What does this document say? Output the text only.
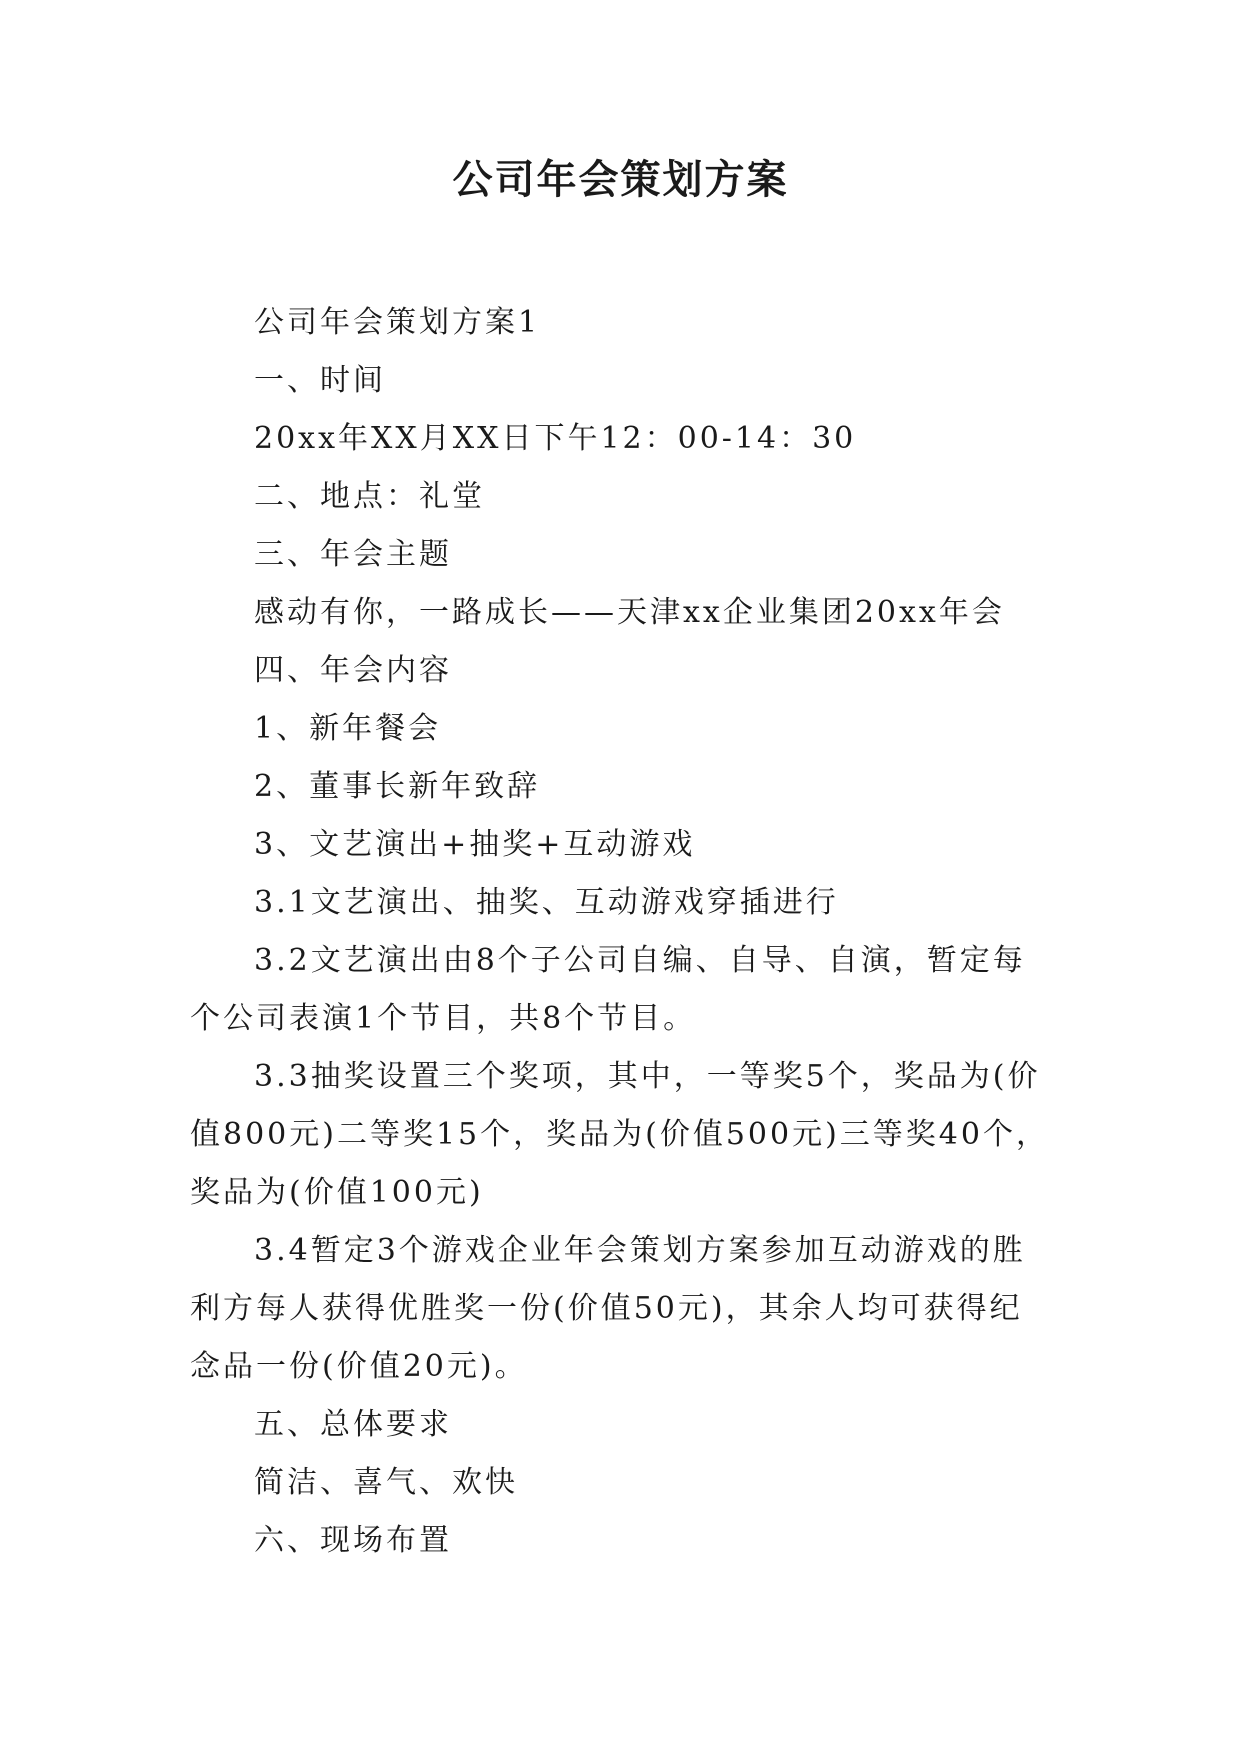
公司年会策划方案

公司年会策划方案1

一、时间

20xx年XX月XX日下午12：00-14：30

二、地点：礼堂

三、年会主题

感动有你，一路成长——天津xx企业集团20xx年会

四、年会内容

1、新年餐会

2、董事长新年致辞

3、文艺演出+抽奖+互动游戏

3.1文艺演出、抽奖、互动游戏穿插进行

3.2文艺演出由8个子公司自编、自导、自演，暂定每个公司表演1个节目，共8个节目。

3.3抽奖设置三个奖项，其中，一等奖5个，奖品为(价值800元)二等奖15个，奖品为(价值500元)三等奖40个，奖品为(价值100元)

3.4暂定3个游戏企业年会策划方案参加互动游戏的胜利方每人获得优胜奖一份(价值50元)，其余人均可获得纪念品一份(价值20元)。

五、总体要求

简洁、喜气、欢快

六、现场布置
